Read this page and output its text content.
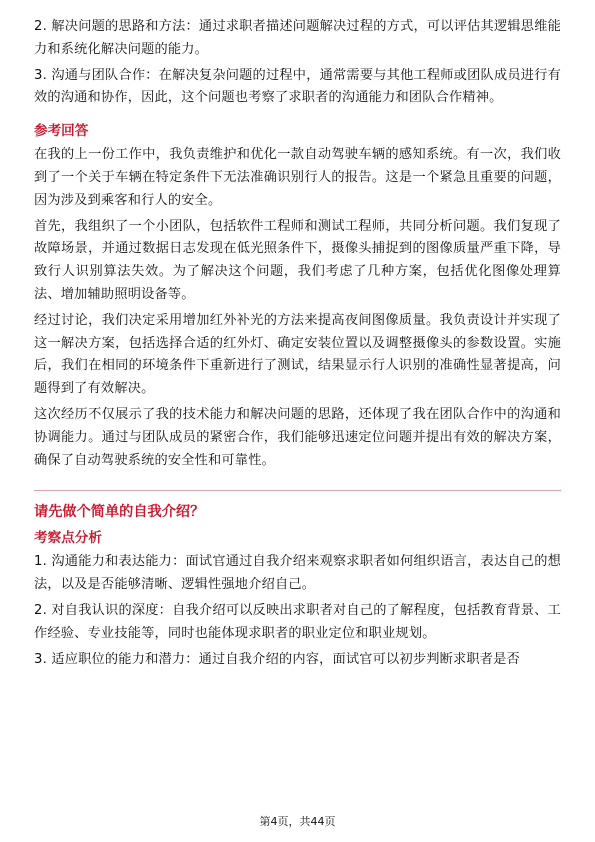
2. 解决问题的思路和方法：通过求职者描述问题解决过程的方式，可以评估其逻辑思维能力和系统化解决问题的能力。

3. 沟通与团队合作：在解决复杂问题的过程中，通常需要与其他工程师或团队成员进行有效的沟通和协作，因此，这个问题也考察了求职者的沟通能力和团队合作精神。

参考回答

在我的上一份工作中，我负责维护和优化一款自动驾驶车辆的感知系统。有一次，我们收到了一个关于车辆在特定条件下无法准确识别行人的报告。这是一个紧急且重要的问题，因为涉及到乘客和行人的安全。

首先，我组织了一个小团队，包括软件工程师和测试工程师，共同分析问题。我们复现了故障场景，并通过数据日志发现在低光照条件下，摄像头捕捉到的图像质量严重下降，导致行人识别算法失效。为了解决这个问题，我们考虑了几种方案，包括优化图像处理算法、增加辅助照明设备等。

经过讨论，我们决定采用增加红外补光的方法来提高夜间图像质量。我负责设计并实现了这一解决方案，包括选择合适的红外灯、确定安装位置以及调整摄像头的参数设置。实施后，我们在相同的环境条件下重新进行了测试，结果显示行人识别的准确性显著提高，问题得到了有效解决。

这次经历不仅展示了我的技术能力和解决问题的思路，还体现了我在团队合作中的沟通和协调能力。通过与团队成员的紧密合作，我们能够迅速定位问题并提出有效的解决方案，确保了自动驾驶系统的安全性和可靠性。

请先做个简单的自我介绍？
考察点分析

1. 沟通能力和表达能力：面试官通过自我介绍来观察求职者如何组织语言，表达自己的想法，以及是否能够清晰、逻辑性强地介绍自己。

2. 对自我认识的深度：自我介绍可以反映出求职者对自己的了解程度，包括教育背景、工作经验、专业技能等，同时也能体现求职者的职业定位和职业规划。

3. 适应职位的能力和潜力：通过自我介绍的内容，面试官可以初步判断求职者是否

第4页，共44页
